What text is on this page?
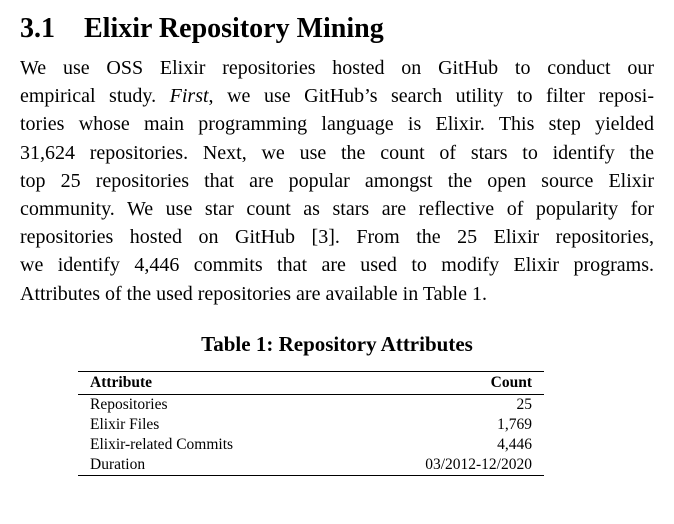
3.1 Elixir Repository Mining

We use OSS Elixir repositories hosted on GitHub to conduct our
empirical study. First, we use GitHub’s search utility to filter reposi-
tories whose main programming language is Elixir. This step yielded
31,624 repositories. Next, we use the count of stars to identify the
top 25 repositories that are popular amongst the open source Elixir
community. We use star count as stars are reflective of popularity for
repositories hosted on GitHub [3]. From the 25 Elixir repositories,
we identify 4,446 commits that are used to modify Elixir programs.
Attributes of the used repositories are available in Table 1.

Table 1: Repository Attributes
Attribute	Count
Repositories	25
Elixir Files	1,769
Elixir-related Commits	4,446
Duration	03/2012-12/2020
